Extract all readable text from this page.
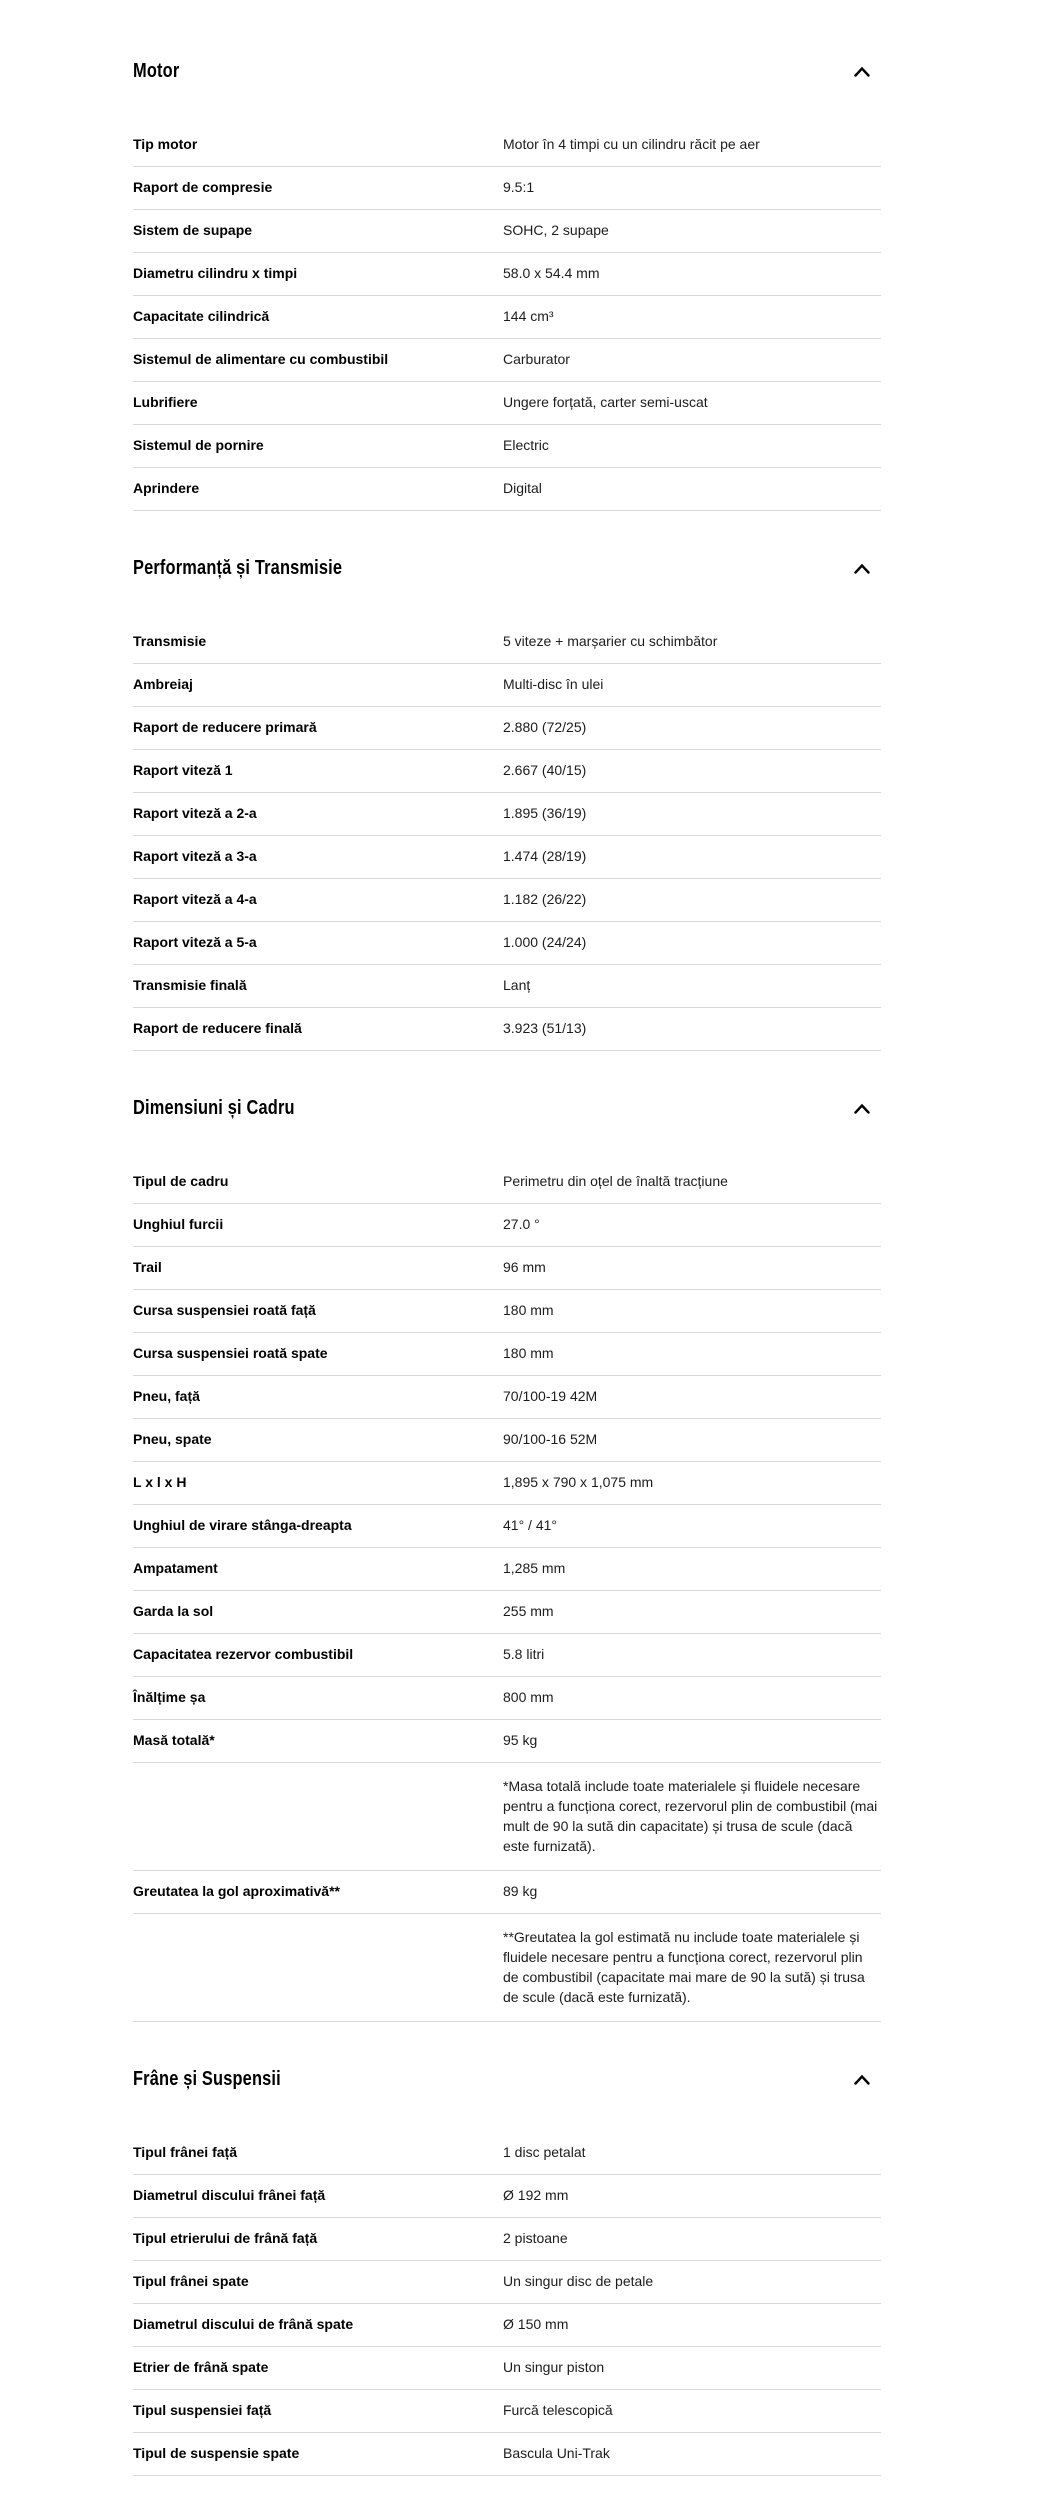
Motor
Tip motor	Motor în 4 timpi cu un cilindru răcit pe aer
Raport de compresie	9.5:1
Sistem de supape	SOHC, 2 supape
Diametru cilindru x timpi	58.0 x 54.4 mm
Capacitate cilindrică	144 cm³
Sistemul de alimentare cu combustibil	Carburator
Lubrifiere	Ungere forțată, carter semi-uscat
Sistemul de pornire	Electric
Aprindere	Digital
Performanță și Transmisie
Transmisie	5 viteze + marșarier cu schimbător
Ambreiaj	Multi-disc în ulei
Raport de reducere primară	2.880 (72/25)
Raport viteză 1	2.667 (40/15)
Raport viteză a 2-a	1.895 (36/19)
Raport viteză a 3-a	1.474 (28/19)
Raport viteză a 4-a	1.182 (26/22)
Raport viteză a 5-a	1.000 (24/24)
Transmisie finală	Lanț
Raport de reducere finală	3.923 (51/13)
Dimensiuni și Cadru
Tipul de cadru	Perimetru din oțel de înaltă tracțiune
Unghiul furcii	27.0 °
Trail	96 mm
Cursa suspensiei roată față	180 mm
Cursa suspensiei roată spate	180 mm
Pneu, față	70/100-19 42M
Pneu, spate	90/100-16 52M
L x l x H	1,895 x 790 x 1,075 mm
Unghiul de virare stânga-dreapta	41° / 41°
Ampatament	1,285 mm
Garda la sol	255 mm
Capacitatea rezervor combustibil	5.8 litri
Înălțime șa	800 mm
Masă totală*	95 kg
*Masa totală include toate materialele și fluidele necesare pentru a funcționa corect, rezervorul plin de combustibil (mai mult de 90 la sută din capacitate) și trusa de scule (dacă este furnizată).
Greutatea la gol aproximativă**	89 kg
**Greutatea la gol estimată nu include toate materialele și fluidele necesare pentru a funcționa corect, rezervorul plin de combustibil (capacitate mai mare de 90 la sută) și trusa de scule (dacă este furnizată).
Frâne și Suspensii
Tipul frânei față	1 disc petalat
Diametrul discului frânei față	Ø 192 mm
Tipul etrierului de frână față	2 pistoane
Tipul frânei spate	Un singur disc de petale
Diametrul discului de frână spate	Ø 150 mm
Etrier de frână spate	Un singur piston
Tipul suspensiei față	Furcă telescopică
Tipul de suspensie spate	Bascula Uni-Trak
